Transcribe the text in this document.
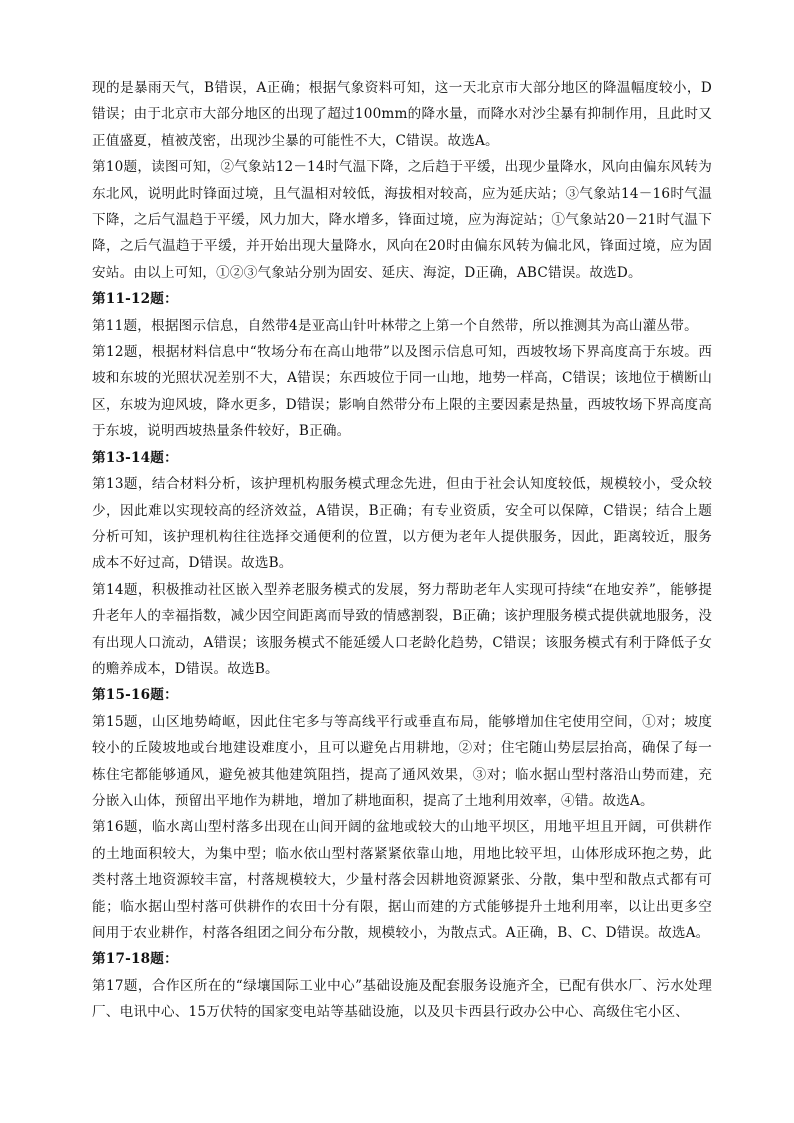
现的是暴雨天气，B错误，A正确；根据气象资料可知，这一天北京市大部分地区的降温幅度较小，D错误；由于北京市大部分地区的出现了超过100mm的降水量，而降水对沙尘暴有抑制作用，且此时又正值盛夏，植被茂密，出现沙尘暴的可能性不大，C错误。故选A。

第10题，读图可知，②气象站12－14时气温下降，之后趋于平缓，出现少量降水，风向由偏东风转为东北风，说明此时锋面过境，且气温相对较低，海拔相对较高，应为延庆站；③气象站14－16时气温下降，之后气温趋于平缓，风力加大，降水增多，锋面过境，应为海淀站；①气象站20－21时气温下降，之后气温趋于平缓，并开始出现大量降水，风向在20时由偏东风转为偏北风，锋面过境，应为固安站。由以上可知，①②③气象站分别为固安、延庆、海淀，D正确，ABC错误。故选D。

第11-12题：

第11题，根据图示信息，自然带4是亚高山针叶林带之上第一个自然带，所以推测其为高山灌丛带。

第12题，根据材料信息中“牧场分布在高山地带”以及图示信息可知，西坡牧场下界高度高于东坡。西坡和东坡的光照状况差别不大，A错误；东西坡位于同一山地，地势一样高，C错误；该地位于横断山区，东坡为迎风坡，降水更多，D错误；影响自然带分布上限的主要因素是热量，西坡牧场下界高度高于东坡，说明西坡热量条件较好，B正确。

第13-14题：

第13题，结合材料分析，该护理机构服务模式理念先进，但由于社会认知度较低，规模较小，受众较少，因此难以实现较高的经济效益，A错误，B正确；有专业资质，安全可以保障，C错误；结合上题分析可知，该护理机构往往选择交通便利的位置，以方便为老年人提供服务，因此，距离较近，服务成本不好过高，D错误。故选B。

第14题，积极推动社区嵌入型养老服务模式的发展，努力帮助老年人实现可持续“在地安养”，能够提升老年人的幸福指数，减少因空间距离而导致的情感割裂，B正确；该护理服务模式提供就地服务，没有出现人口流动，A错误；该服务模式不能延缓人口老龄化趋势，C错误；该服务模式有利于降低子女的赡养成本，D错误。故选B。

第15-16题：

第15题，山区地势崎岖，因此住宅多与等高线平行或垂直布局，能够增加住宅使用空间，①对；坡度较小的丘陵坡地或台地建设难度小，且可以避免占用耕地，②对；住宅随山势层层抬高，确保了每一栋住宅都能够通风，避免被其他建筑阻挡，提高了通风效果，③对；临水据山型村落沿山势而建，充分嵌入山体，预留出平地作为耕地，增加了耕地面积，提高了土地利用效率，④错。故选A。

第16题，临水离山型村落多出现在山间开阔的盆地或较大的山地平坝区，用地平坦且开阔，可供耕作的土地面积较大，为集中型；临水依山型村落紧紧依靠山地，用地比较平坦，山体形成环抱之势，此类村落土地资源较丰富，村落规模较大，少量村落会因耕地资源紧张、分散，集中型和散点式都有可能；临水据山型村落可供耕作的农田十分有限，据山而建的方式能够提升土地利用率，以让出更多空间用于农业耕作，村落各组团之间分布分散，规模较小，为散点式。A正确，B、C、D错误。故选A。

第17-18题：

第17题，合作区所在的“绿壤国际工业中心”基础设施及配套服务设施齐全，已配有供水厂、污水处理厂、电讯中心、15万伏特的国家变电站等基础设施，以及贝卡西县行政办公中心、高级住宅小区、
